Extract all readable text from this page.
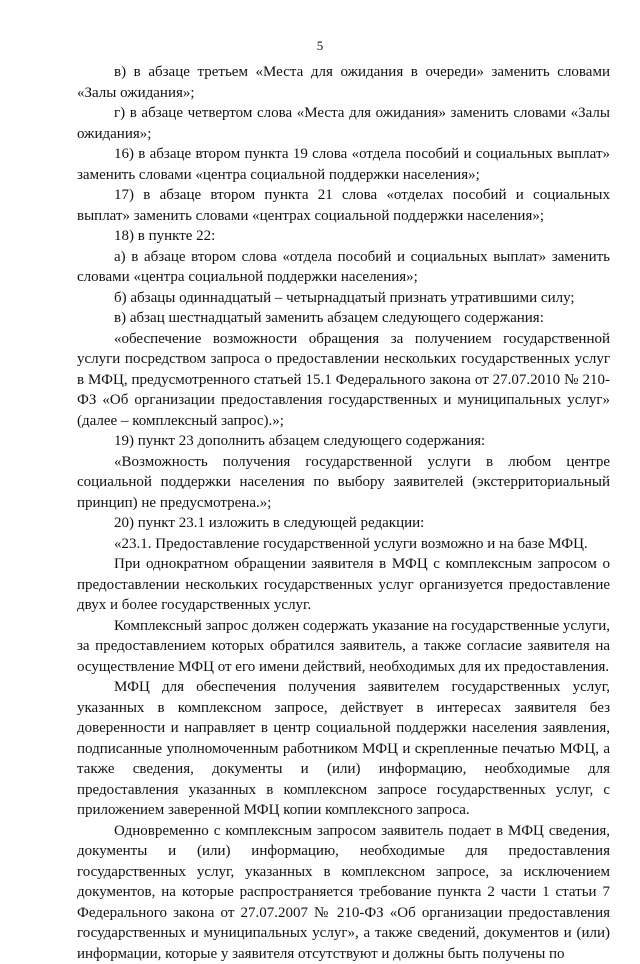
5

в) в абзаце третьем «Места для ожидания в очереди» заменить словами «Залы ожидания»;

г) в абзаце четвертом слова «Места для ожидания» заменить словами «Залы ожидания»;

16) в абзаце втором пункта 19 слова «отдела пособий и социальных выплат» заменить словами «центра социальной поддержки населения»;

17) в абзаце втором пункта 21 слова «отделах пособий и социальных выплат» заменить словами «центрах социальной поддержки населения»;

18) в пункте 22:

а) в абзаце втором слова «отдела пособий и социальных выплат» заменить словами «центра социальной поддержки населения»;

б) абзацы одиннадцатый – четырнадцатый признать утратившими силу;

в) абзац шестнадцатый заменить абзацем следующего содержания:

«обеспечение возможности обращения за получением государственной услуги посредством запроса о предоставлении нескольких государственных услуг в МФЦ, предусмотренного статьей 15.1 Федерального закона от 27.07.2010 № 210-ФЗ «Об организации предоставления государственных и муниципальных услуг» (далее – комплексный запрос).»;

19) пункт 23 дополнить абзацем следующего содержания:

«Возможность получения государственной услуги в любом центре социальной поддержки населения по выбору заявителей (экстерриториальный принцип) не предусмотрена.»;

20) пункт 23.1 изложить в следующей редакции:

«23.1. Предоставление государственной услуги возможно и на базе МФЦ.

При однократном обращении заявителя в МФЦ с комплексным запросом о предоставлении нескольких государственных услуг организуется предоставление двух и более государственных услуг.

Комплексный запрос должен содержать указание на государственные услуги, за предоставлением которых обратился заявитель, а также согласие заявителя на осуществление МФЦ от его имени действий, необходимых для их предоставления.

МФЦ для обеспечения получения заявителем государственных услуг, указанных в комплексном запросе, действует в интересах заявителя без доверенности и направляет в центр социальной поддержки населения заявления, подписанные уполномоченным работником МФЦ и скрепленные печатью МФЦ, а также сведения, документы и (или) информацию, необходимые для предоставления указанных в комплексном запросе государственных услуг, с приложением заверенной МФЦ копии комплексного запроса.

Одновременно с комплексным запросом заявитель подает в МФЦ сведения, документы и (или) информацию, необходимые для предоставления государственных услуг, указанных в комплексном запросе, за исключением документов, на которые распространяется требование пункта 2 части 1 статьи 7 Федерального закона от 27.07.2007 № 210-ФЗ «Об организации предоставления государственных и муниципальных услуг», а также сведений, документов и (или) информации, которые у заявителя отсутствуют и должны быть получены по
